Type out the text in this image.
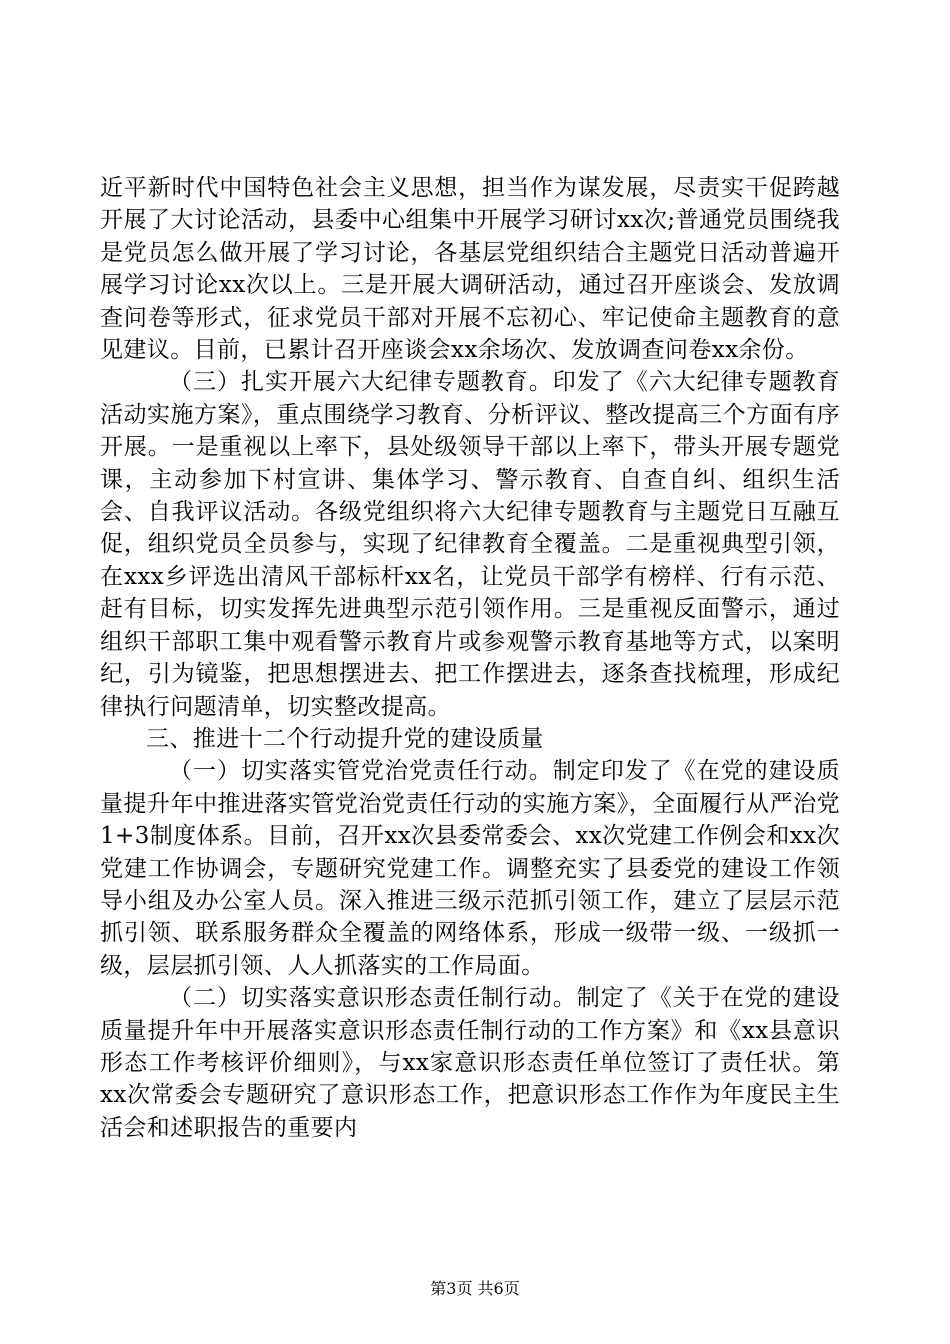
近平新时代中国特色社会主义思想，担当作为谋发展，尽责实干促跨越开展了大讨论活动，县委中心组集中开展学习研讨xx次;普通党员围绕我是党员怎么做开展了学习讨论，各基层党组织结合主题党日活动普遍开展学习讨论xx次以上。三是开展大调研活动，通过召开座谈会、发放调查问卷等形式，征求党员干部对开展不忘初心、牢记使命主题教育的意见建议。目前，已累计召开座谈会xx余场次、发放调查问卷xx余份。

（三）扎实开展六大纪律专题教育。印发了《六大纪律专题教育活动实施方案》，重点围绕学习教育、分析评议、整改提高三个方面有序开展。一是重视以上率下，县处级领导干部以上率下，带头开展专题党课，主动参加下村宣讲、集体学习、警示教育、自查自纠、组织生活会、自我评议活动。各级党组织将六大纪律专题教育与主题党日互融互促，组织党员全员参与，实现了纪律教育全覆盖。二是重视典型引领，在xxx乡评选出清风干部标杆xx名，让党员干部学有榜样、行有示范、赶有目标，切实发挥先进典型示范引领作用。三是重视反面警示，通过组织干部职工集中观看警示教育片或参观警示教育基地等方式，以案明纪，引为镜鉴，把思想摆进去、把工作摆进去，逐条查找梳理，形成纪律执行问题清单，切实整改提高。

三、推进十二个行动提升党的建设质量

（一）切实落实管党治党责任行动。制定印发了《在党的建设质量提升年中推进落实管党治党责任行动的实施方案》，全面履行从严治党1+3制度体系。目前，召开xx次县委常委会、xx次党建工作例会和xx次党建工作协调会，专题研究党建工作。调整充实了县委党的建设工作领导小组及办公室人员。深入推进三级示范抓引领工作，建立了层层示范抓引领、联系服务群众全覆盖的网络体系，形成一级带一级、一级抓一级，层层抓引领、人人抓落实的工作局面。

（二）切实落实意识形态责任制行动。制定了《关于在党的建设质量提升年中开展落实意识形态责任制行动的工作方案》和《xx县意识形态工作考核评价细则》，与xx家意识形态责任单位签订了责任状。第xx次常委会专题研究了意识形态工作，把意识形态工作作为年度民主生活会和述职报告的重要内

第3页 共6页
